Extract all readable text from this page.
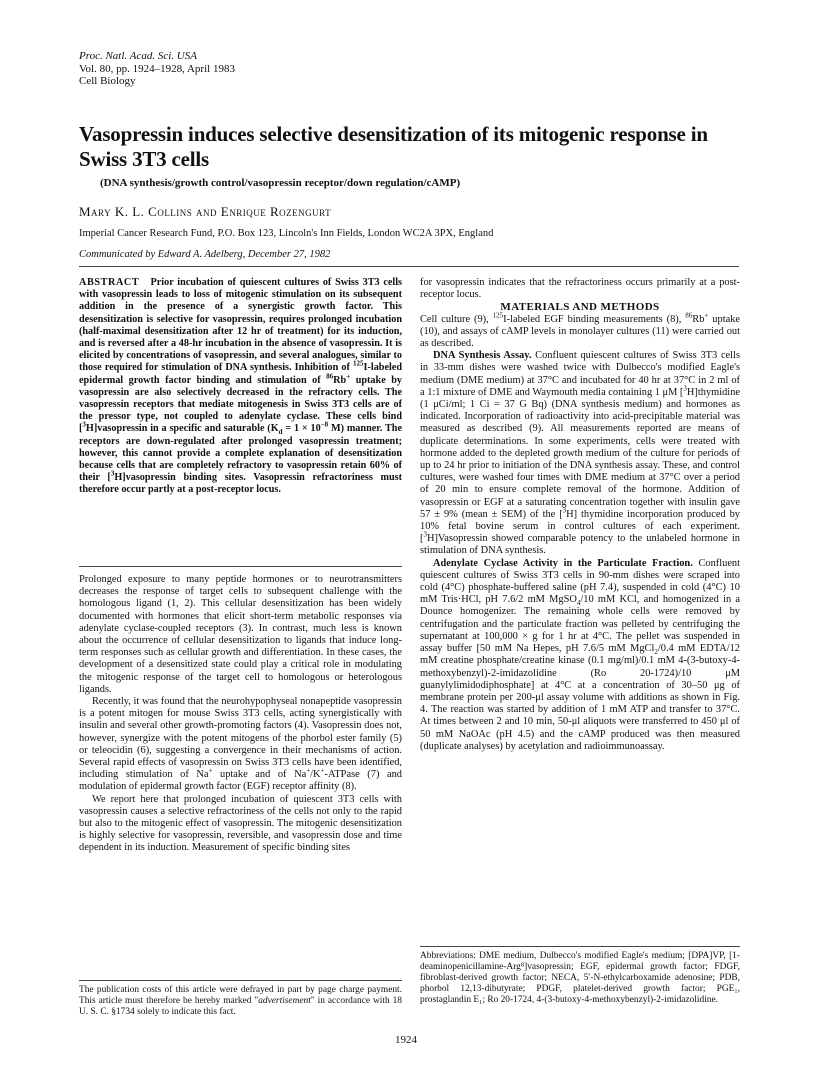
Proc. Natl. Acad. Sci. USA
Vol. 80, pp. 1924–1928, April 1983
Cell Biology
Vasopressin induces selective desensitization of its mitogenic response in Swiss 3T3 cells
(DNA synthesis/growth control/vasopressin receptor/down regulation/cAMP)
Mary K. L. Collins and Enrique Rozengurt
Imperial Cancer Research Fund, P.O. Box 123, Lincoln's Inn Fields, London WC2A 3PX, England
Communicated by Edward A. Adelberg, December 27, 1982
ABSTRACT Prior incubation of quiescent cultures of Swiss 3T3 cells with vasopressin leads to loss of mitogenic stimulation on its subsequent addition in the presence of a synergistic growth factor. This desensitization is selective for vasopressin, requires prolonged incubation (half-maximal desensitization after 12 hr of treatment) for its induction, and is reversed after a 48-hr incubation in the absence of vasopressin. It is elicited by concentrations of vasopressin, and several analogues, similar to those required for stimulation of DNA synthesis. Inhibition of $^{125}$I-labeled epidermal growth factor binding and stimulation of $^{86}$Rb+ uptake by vasopressin are also selectively decreased in the refractory cells. The vasopressin receptors that mediate mitogenesis in Swiss 3T3 cells are of the pressor type, not coupled to adenylate cyclase. These cells bind [$^3$H]vasopressin in a specific and saturable ($K_d = 1 \times 10^{-8}$ M) manner. The receptors are down-regulated after prolonged vasopressin treatment; however, this cannot provide a complete explanation of desensitization because cells that are completely refractory to vasopressin retain 60% of their [$^3$H]vasopressin binding sites. Vasopressin refractoriness must therefore occur partly at a post-receptor locus.

Prolonged exposure to many peptide hormones or to neurotransmitters decreases the response of target cells to subsequent challenge with the homologous ligand (1, 2). This cellular desensitization has been widely documented with hormones that elicit short-term metabolic responses via adenylate cyclase-coupled receptors (3). In contrast, much less is known about the occurrence of cellular desensitization to ligands that induce long-term responses such as cellular growth and differentiation. In these cases, the development of a desensitized state could play a critical role in modulating the mitogenic response of the target cell to homologous or heterologous ligands.

Recently, it was found that the neurohypophyseal nonapeptide vasopressin is a potent mitogen for mouse Swiss 3T3 cells, acting synergistically with insulin and several other growth-promoting factors (4). Vasopressin does not, however, synergize with the potent mitogens of the phorbol ester family (5) or teleocidin (6), suggesting a convergence in their mechanisms of action. Several rapid effects of vasopressin on Swiss 3T3 cells have been identified, including stimulation of Na+ uptake and of Na+/K+-ATPase (7) and modulation of epidermal growth factor (EGF) receptor affinity (8).

We report here that prolonged incubation of quiescent 3T3 cells with vasopressin causes a selective refractoriness of the cells not only to the rapid but also to the mitogenic effect of vasopressin. The mitogenic desensitization is highly selective for vasopressin, reversible, and vasopressin dose and time dependent in its induction. Measurement of specific binding sites

for vasopressin indicates that the refractoriness occurs primarily at a post-receptor locus.

MATERIALS AND METHODS

Cell culture (9), $^{125}$I-labeled EGF binding measurements (8), $^{86}$Rb+ uptake (10), and assays of cAMP levels in monolayer cultures (11) were carried out as described.

DNA Synthesis Assay. Confluent quiescent cultures of Swiss 3T3 cells in 33-mm dishes were washed twice with Dulbecco's modified Eagle's medium (DME medium) at 37°C and incubated for 40 hr at 37°C in 2 ml of a 1:1 mixture of DME and Waymouth media containing 1 μM [$^3$H]thymidine (1 μCi/ml; 1 Ci = 37 G Bq) (DNA synthesis medium) and hormones as indicated. Incorporation of radioactivity into acid-precipitable material was measured as described (9). All measurements reported are means of duplicate determinations. In some experiments, cells were treated with hormone added to the depleted growth medium of the culture for periods of up to 24 hr prior to initiation of the DNA synthesis assay. These, and control cultures, were washed four times with DME medium at 37°C over a period of 20 min to ensure complete removal of the hormone. Addition of vasopressin or EGF at a saturating concentration together with insulin gave 57 ± 9% (mean ± SEM) of the [$^3$H] thymidine incorporation produced by 10% fetal bovine serum in control cultures of each experiment. [$^3$H]Vasopressin showed comparable potency to the unlabeled hormone in stimulation of DNA synthesis.

Adenylate Cyclase Activity in the Particulate Fraction. Confluent quiescent cultures of Swiss 3T3 cells in 90-mm dishes were scraped into cold (4°C) phosphate-buffered saline (pH 7.4), suspended in cold (4°C) 10 mM Tris·HCl, pH 7.6/2 mM MgSO$_4$/10 mM KCl, and homogenized in a Dounce homogenizer. The remaining whole cells were removed by centrifugation and the particulate fraction was pelleted by centrifuging the supernatant at 100,000 × g for 1 hr at 4°C. The pellet was suspended in assay buffer [50 mM Na Hepes, pH 7.6/5 mM MgCl$_2$/0.4 mM EDTA/12 mM creatine phosphate/creatine kinase (0.1 mg/ml)/0.1 mM 4-(3-butoxy-4-methoxybenzyl)-2-imidazolidine (Ro 20-1724)/10 μM guanylylimidodiphosphate] at 4°C at a concentration of 30–50 μg of membrane protein per 200-μl assay volume with additions as shown in Fig. 4. The reaction was started by addition of 1 mM ATP and transfer to 37°C. At times between 2 and 10 min, 50-μl aliquots were transferred to 450 μl of 50 mM NaOAc (pH 4.5) and the cAMP produced was then measured (duplicate analyses) by acetylation and radioimmunoassay.

Abbreviations: DME medium, Dulbecco's modified Eagle's medium; [DPA]VP, [1-deaminopenicillamine-Arg⁸]vasopressin; EGF, epidermal growth factor; FDGF, fibroblast-derived growth factor; NECA, 5′-N-ethylcarboxamide adenosine; PDB, phorbol 12,13-dibutyrate; PDGF, platelet-derived growth factor; PGE₁, prostaglandin E₁; Ro 20-1724, 4-(3-butoxy-4-methoxybenzyl)-2-imidazolidine.
The publication costs of this article were defrayed in part by page charge payment. This article must therefore be hereby marked "advertisement" in accordance with 18 U. S. C. §1734 solely to indicate this fact.
1924
